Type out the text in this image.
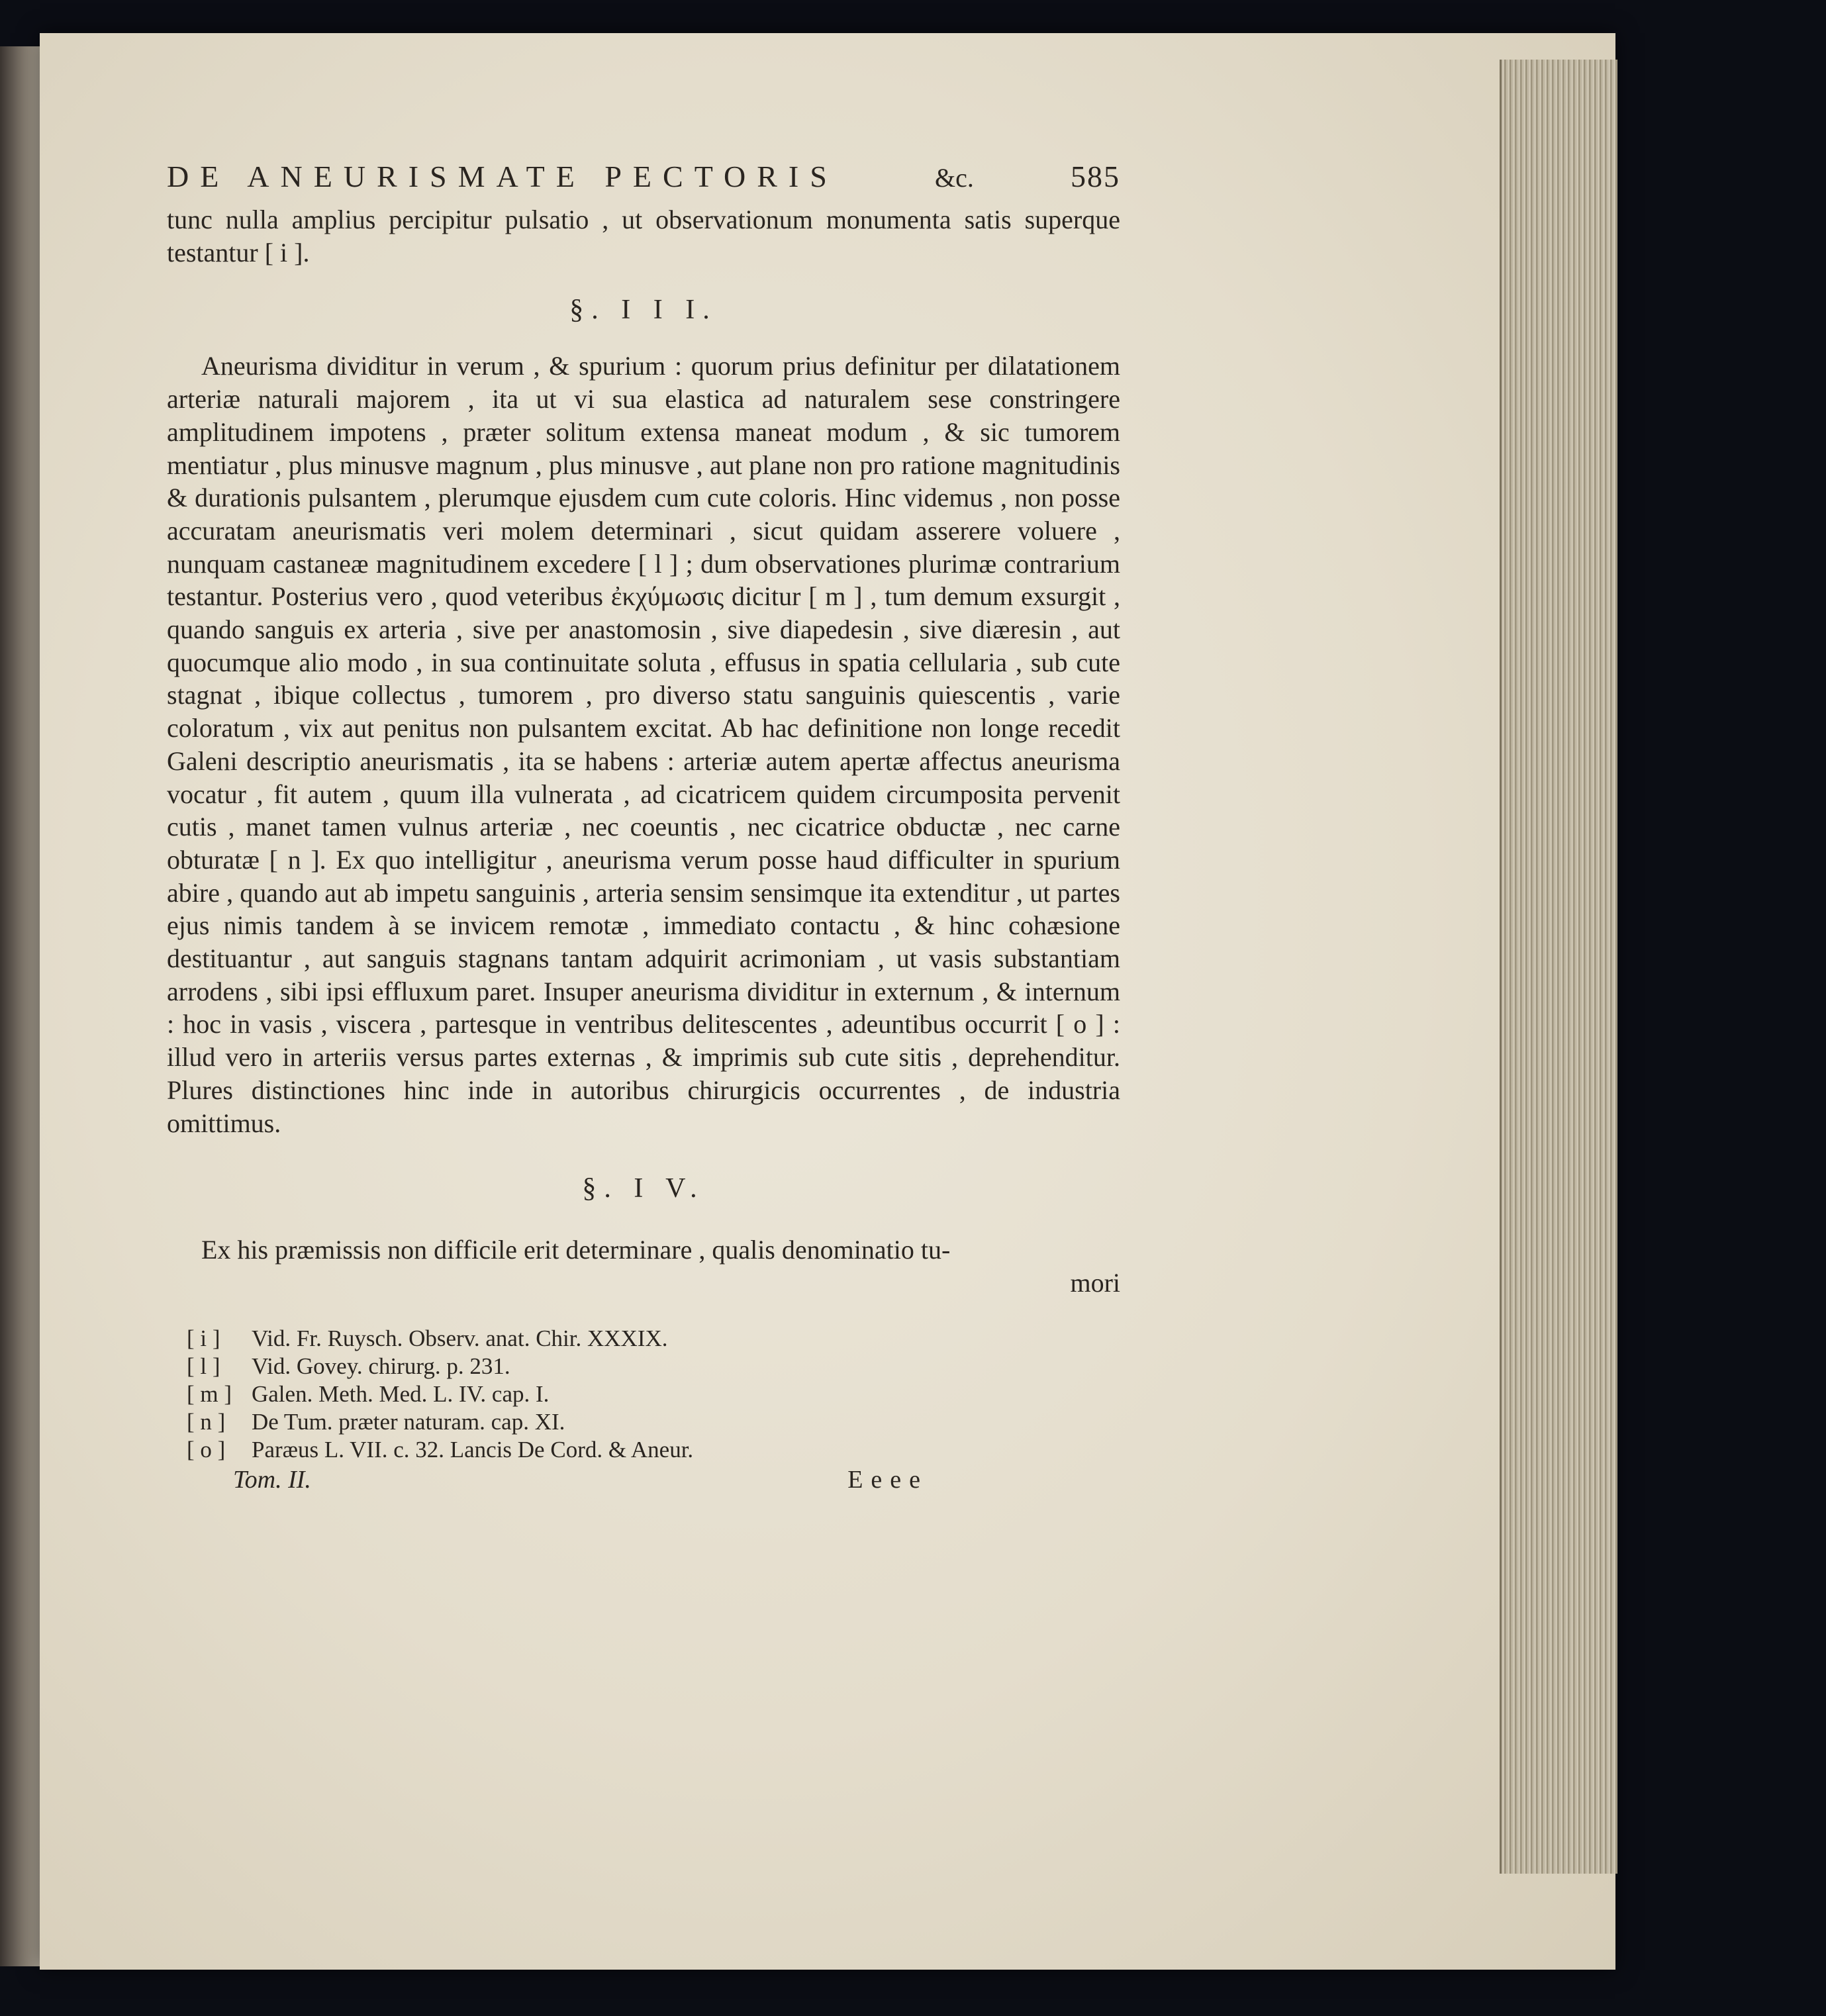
DE ANEURISMATE PECTORIS	&c.	585

tunc nulla amplius percipitur pulsatio , ut observationum monumenta satis superque testantur [ i ].

§. I I I.

Aneurisma dividitur in verum , & spurium : quorum prius definitur per dilatationem arteriæ naturali majorem , ita ut vi sua elastica ad naturalem sese constringere amplitudinem impotens , præter solitum extensa maneat modum , & sic tumorem mentiatur , plus minusve magnum , plus minusve , aut plane non pro ratione magnitudinis & durationis pulsantem , plerumque ejusdem cum cute coloris. Hinc videmus , non posse accuratam aneurismatis veri molem determinari , sicut quidam asserere voluere , nunquam castaneæ magnitudinem excedere [ l ] ; dum observationes plurimæ contrarium testantur. Posterius vero , quod veteribus ἐκχύμωσις dicitur [ m ] , tum demum exsurgit , quando sanguis ex arteria , sive per anastomosin , sive diapedesin , sive diæresin , aut quocumque alio modo , in sua continuitate soluta , effusus in spatia cellularia , sub cute stagnat , ibique collectus , tumorem , pro diverso statu sanguinis quiescentis , varie coloratum , vix aut penitus non pulsantem excitat. Ab hac definitione non longe recedit Galeni descriptio aneurismatis , ita se habens : arteriæ autem apertæ affectus aneurisma vocatur , fit autem , quum illa vulnerata , ad cicatricem quidem circumposita pervenit cutis , manet tamen vulnus arteriæ , nec coeuntis , nec cicatrice obductæ , nec carne obturatæ [ n ]. Ex quo intelligitur , aneurisma verum posse haud difficulter in spurium abire , quando aut ab impetu sanguinis , arteria sensim sensimque ita extenditur , ut partes ejus nimis tandem à se invicem remotæ , immediato contactu , & hinc cohæsione destituantur , aut sanguis stagnans tantam adquirit acrimoniam , ut vasis substantiam arrodens , sibi ipsi effluxum paret. Insuper aneurisma dividitur in externum , & internum : hoc in vasis , viscera , partesque in ventribus delitescentes , adeuntibus occurrit [ o ] : illud vero in arteriis versus partes externas , & imprimis sub cute sitis , deprehenditur. Plures distinctiones hinc inde in autoribus chirurgicis occurrentes , de industria omittimus.

§. I V.

Ex his præmissis non difficile erit determinare , qualis denominatio tu-

mori

[ i ] Vid. Fr. Ruysch. Observ. anat. Chir. XXXIX.

[ l ] Vid. Govey. chirurg. p. 231.

[ m ] Galen. Meth. Med. L. IV. cap. I.

[ n ] De Tum. præter naturam. cap. XI.

[ o ] Paræus L. VII. c. 32. Lancis De Cord. & Aneur.

Tom. II.	Eeee
